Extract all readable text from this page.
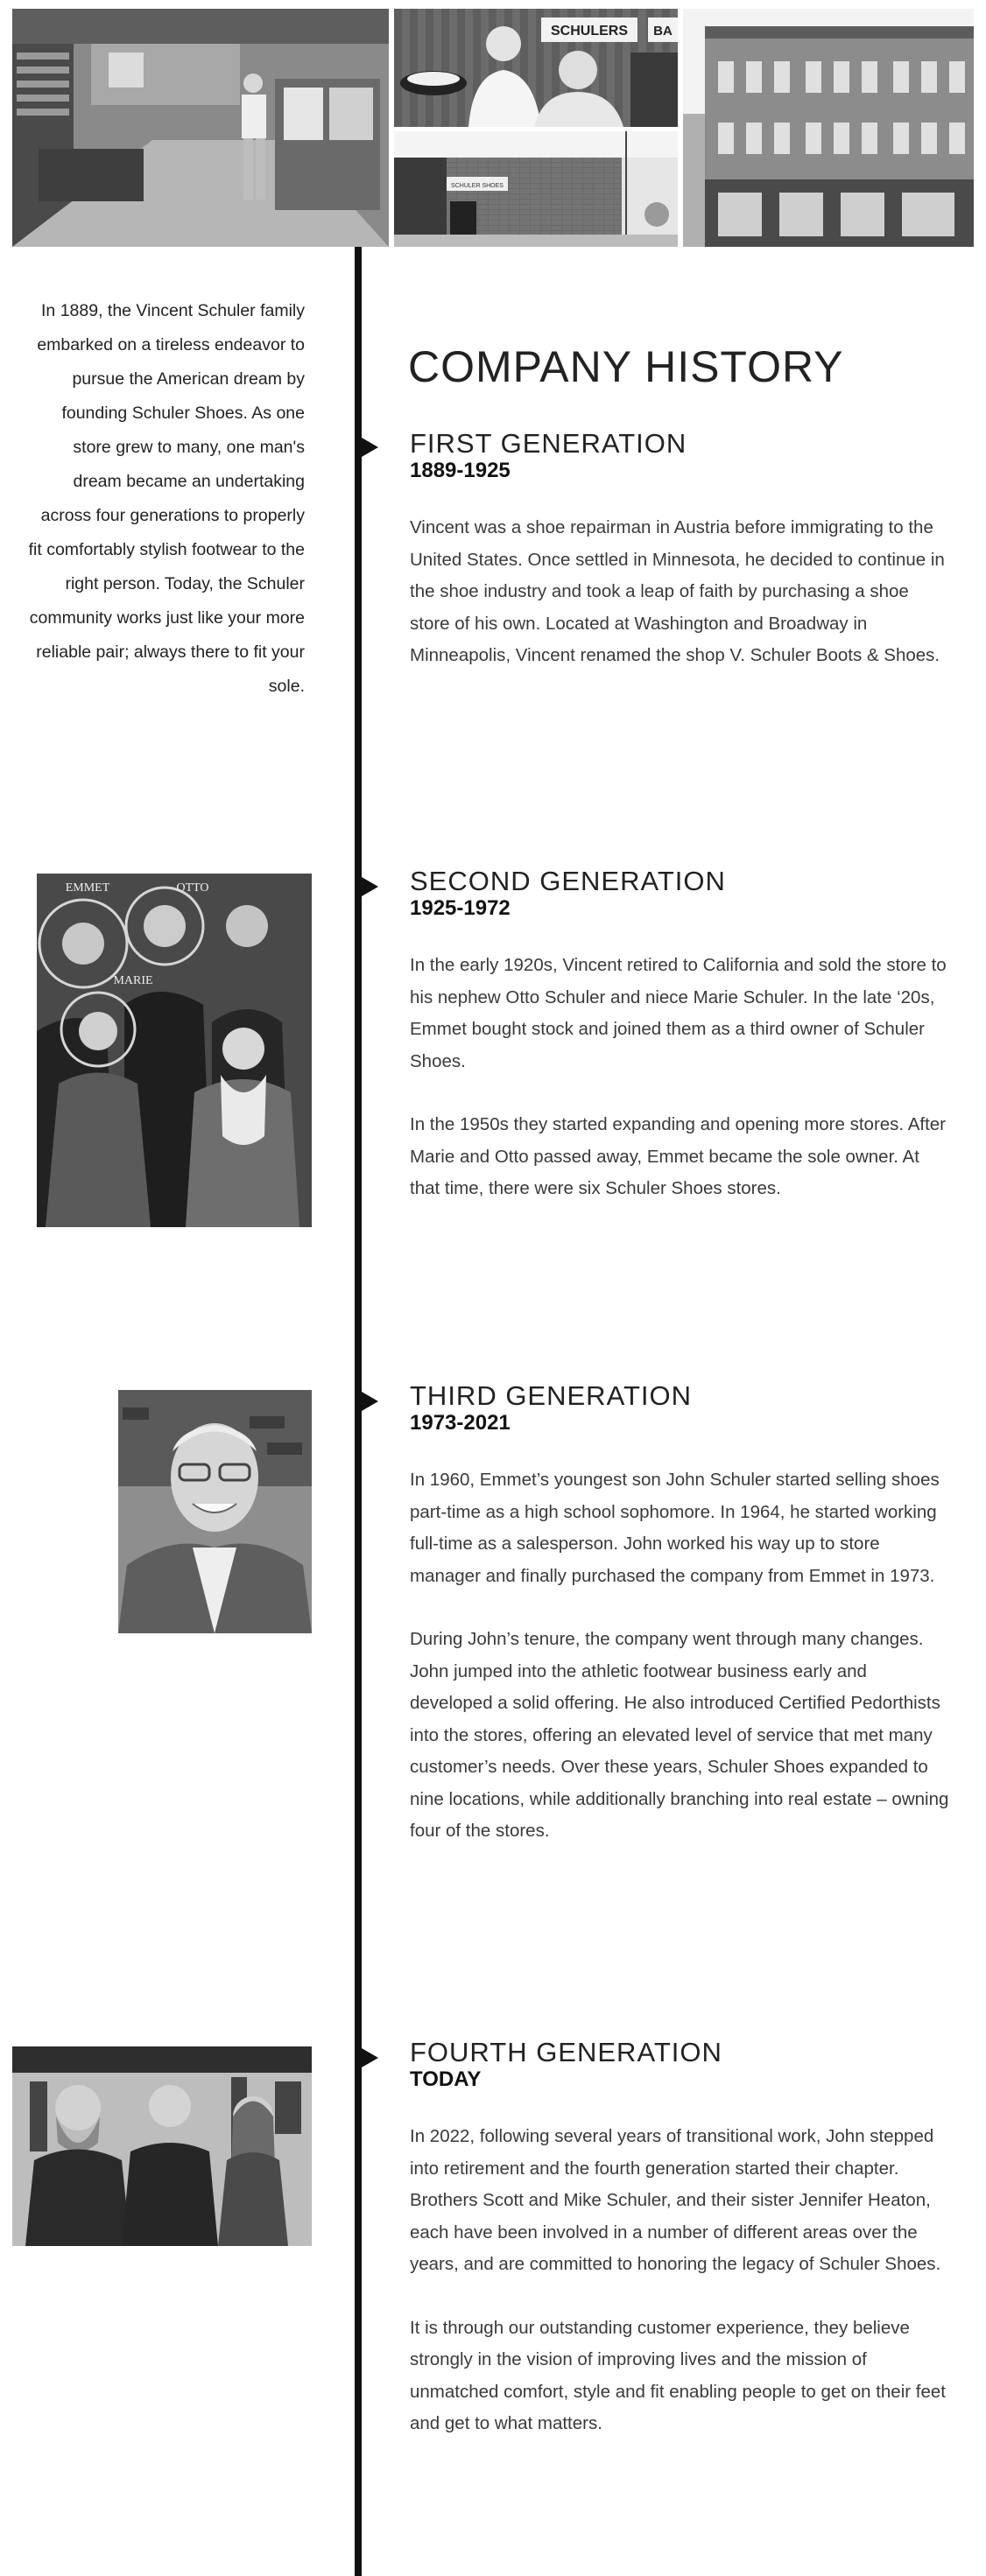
SCHULERS BA
SCHULER SHOES
In 1889, the Vincent Schuler family embarked on a tireless endeavor to pursue the American dream by founding Schuler Shoes. As one store grew to many, one man's dream became an undertaking across four generations to properly fit comfortably stylish footwear to the right person. Today, the Schuler community works just like your more reliable pair; always there to fit your sole.
COMPANY HISTORY
FIRST GENERATION
1889-1925

Vincent was a shoe repairman in Austria before immigrating to the United States. Once settled in Minnesota, he decided to continue in the shoe industry and took a leap of faith by purchasing a shoe store of his own. Located at Washington and Broadway in Minneapolis, Vincent renamed the shop V. Schuler Boots & Shoes.

EMMET	OTTO
MARIE
SECOND GENERATION
1925-1972

In the early 1920s, Vincent retired to California and sold the store to his nephew Otto Schuler and niece Marie Schuler. In the late ‘20s, Emmet bought stock and joined them as a third owner of Schuler Shoes.

In the 1950s they started expanding and opening more stores. After Marie and Otto passed away, Emmet became the sole owner. At that time, there were six Schuler Shoes stores.

THIRD GENERATION
1973-2021

In 1960, Emmet’s youngest son John Schuler started selling shoes part-time as a high school sophomore. In 1964, he started working full-time as a salesperson. John worked his way up to store manager and finally purchased the company from Emmet in 1973.

During John’s tenure, the company went through many changes. John jumped into the athletic footwear business early and developed a solid offering. He also introduced Certified Pedorthists into the stores, offering an elevated level of service that met many customer’s needs. Over these years, Schuler Shoes expanded to nine locations, while additionally branching into real estate – owning four of the stores.

FOURTH GENERATION
TODAY

In 2022, following several years of transitional work, John stepped into retirement and the fourth generation started their chapter. Brothers Scott and Mike Schuler, and their sister Jennifer Heaton, each have been involved in a number of different areas over the years, and are committed to honoring the legacy of Schuler Shoes.

It is through our outstanding customer experience, they believe strongly in the vision of improving lives and the mission of unmatched comfort, style and fit enabling people to get on their feet and get to what matters.
